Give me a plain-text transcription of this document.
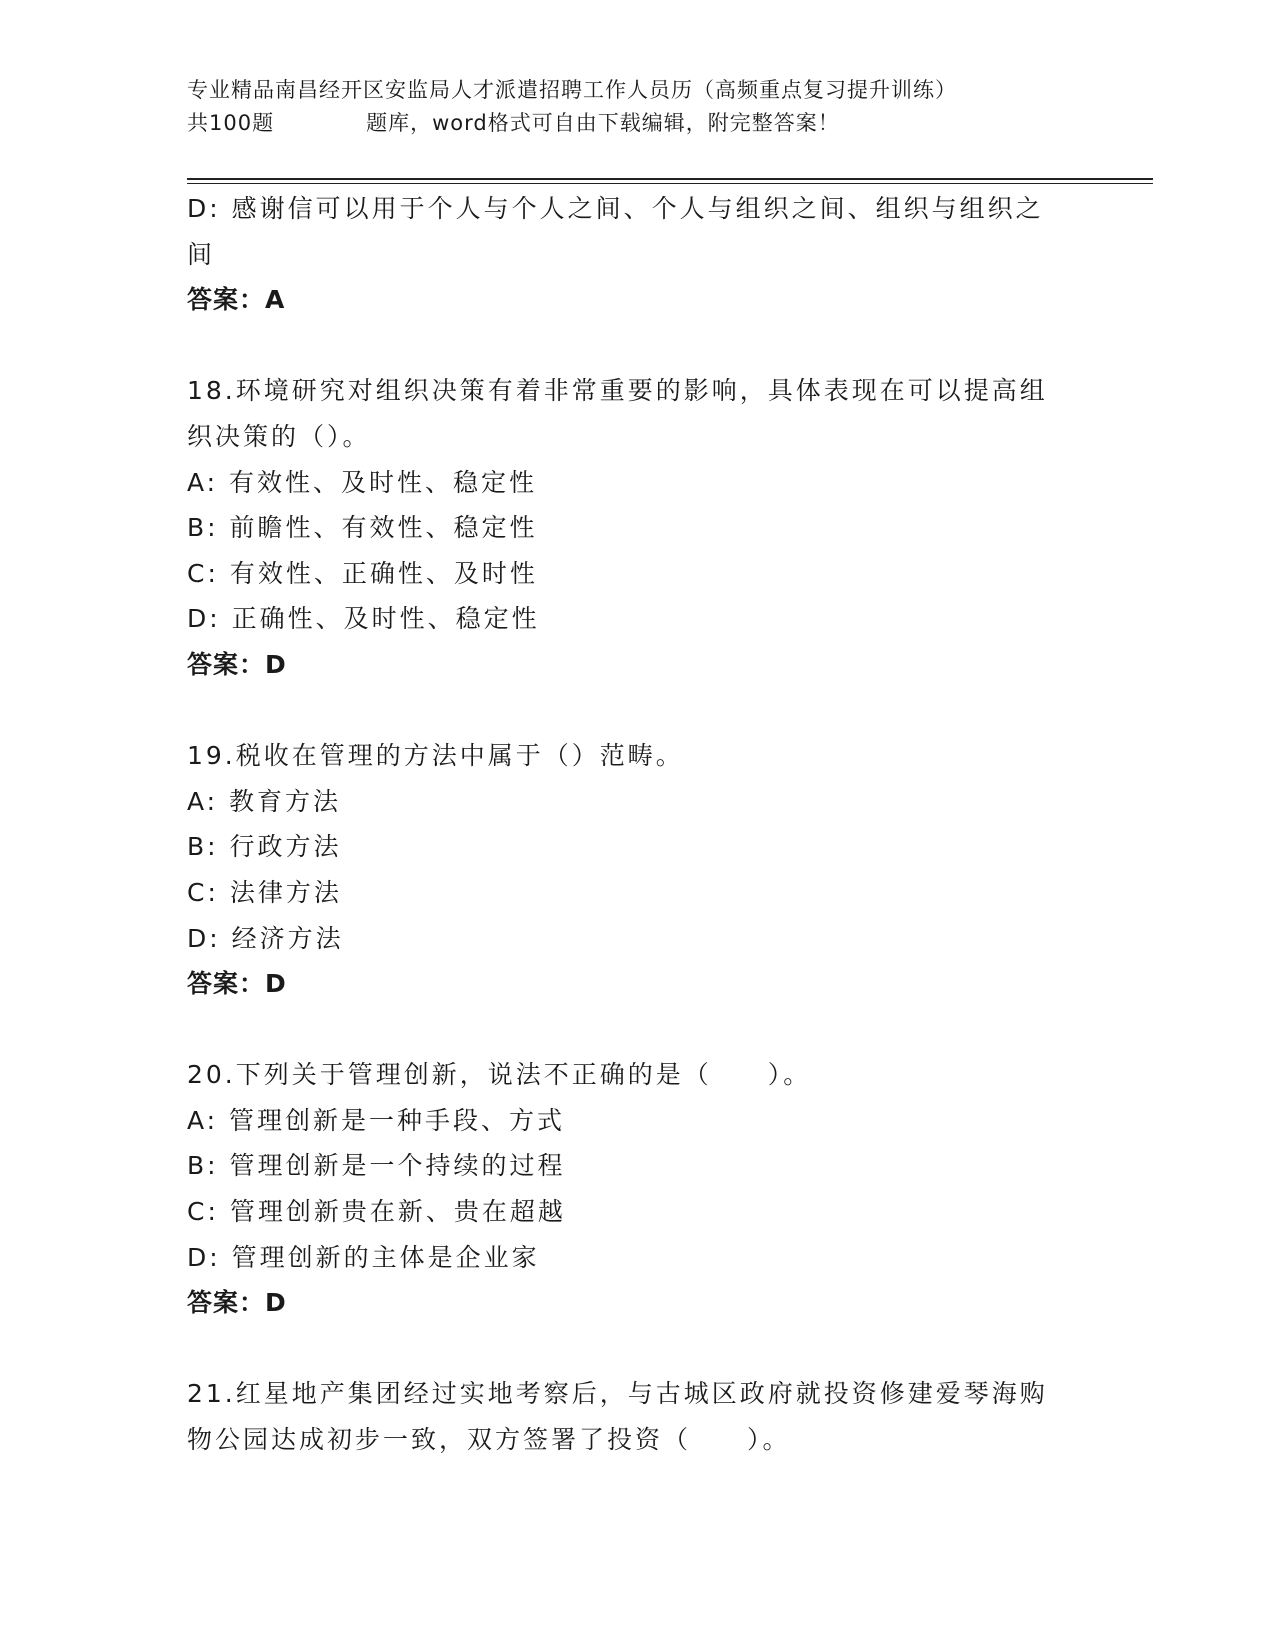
专业精品南昌经开区安监局人才派遣招聘工作人员历（高频重点复习提升训练）
共100题	题库，word格式可自由下载编辑，附完整答案！
D: 感谢信可以用于个人与个人之间、个人与组织之间、组织与组织之
间
答案：A
18.环境研究对组织决策有着非常重要的影响，具体表现在可以提高组
织决策的（）。
A: 有效性、及时性、稳定性
B: 前瞻性、有效性、稳定性
C: 有效性、正确性、及时性
D: 正确性、及时性、稳定性
答案：D
19.税收在管理的方法中属于（）范畴。
A: 教育方法
B: 行政方法
C: 法律方法
D: 经济方法
答案：D
20.下列关于管理创新，说法不正确的是（　　）。
A: 管理创新是一种手段、方式
B: 管理创新是一个持续的过程
C: 管理创新贵在新、贵在超越
D: 管理创新的主体是企业家
答案：D
21.红星地产集团经过实地考察后，与古城区政府就投资修建爱琴海购
物公园达成初步一致，双方签署了投资（　　）。
